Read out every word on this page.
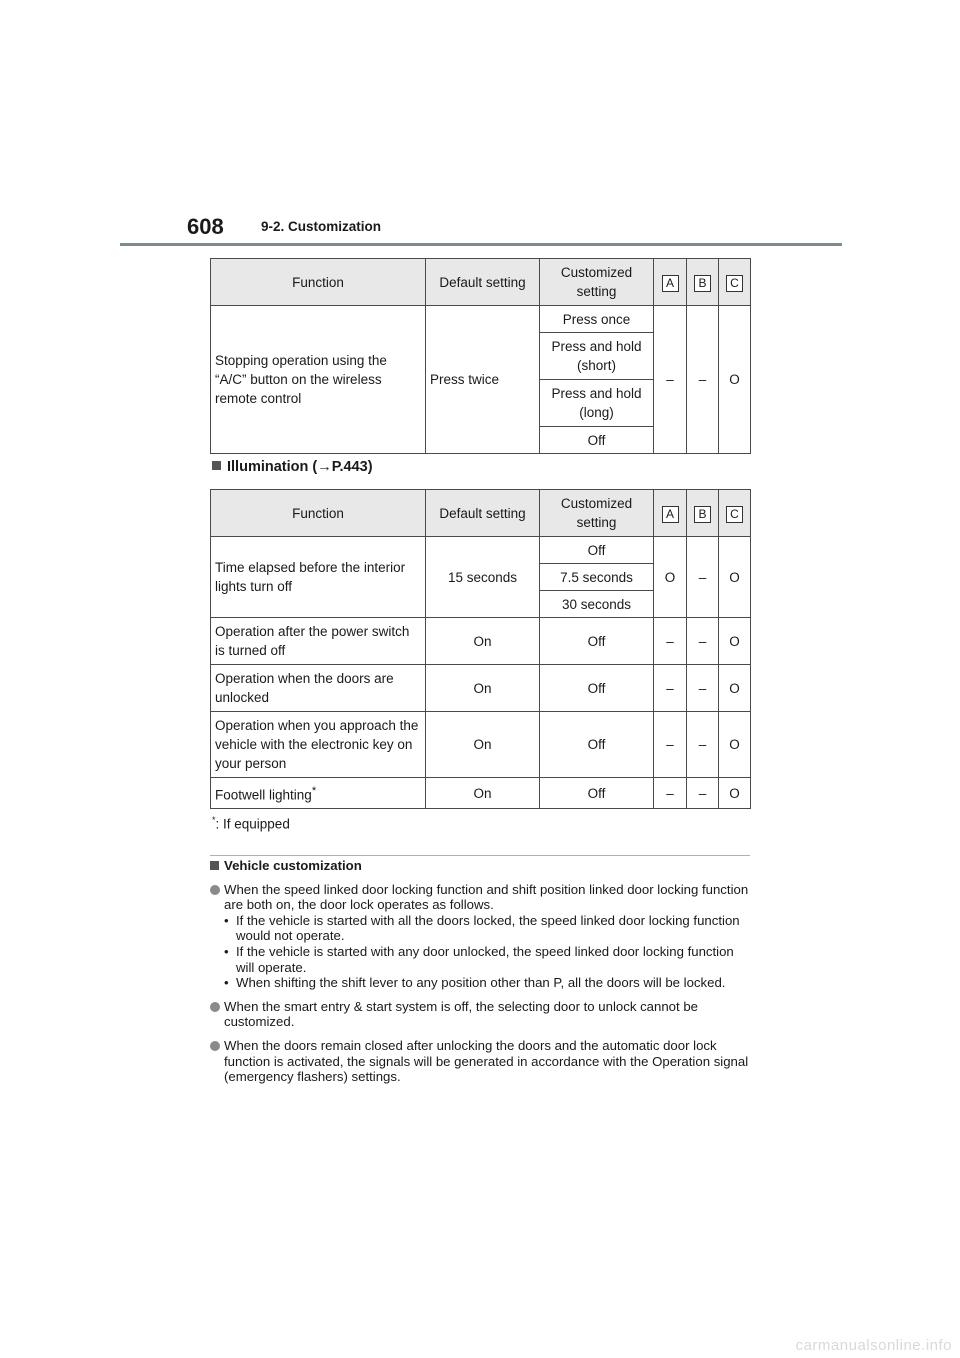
608	9-2. Customization
Function	Default setting	Customized setting	A	B	C
Stopping operation using the “A/C” button on the wireless remote control	Press twice	Press once	–	–	O
		Press and hold (short)			
		Press and hold (long)			
		Off			
Illumination (→P.443)
Function	Default setting	Customized setting	A	B	C
Time elapsed before the interior lights turn off	15 seconds	Off	O	–	O
		7.5 seconds			
		30 seconds			
Operation after the power switch is turned off	On	Off	–	–	O
Operation when the doors are unlocked	On	Off	–	–	O
Operation when you approach the vehicle with the electronic key on your person	On	Off	–	–	O
Footwell lighting*	On	Off	–	–	O
*: If equipped
Vehicle customization
When the speed linked door locking function and shift position linked door locking function are both on, the door lock operates as follows.
• If the vehicle is started with all the doors locked, the speed linked door locking function would not operate.
• If the vehicle is started with any door unlocked, the speed linked door locking function will operate.
• When shifting the shift lever to any position other than P, all the doors will be locked.
When the smart entry & start system is off, the selecting door to unlock cannot be customized.
When the doors remain closed after unlocking the doors and the automatic door lock function is activated, the signals will be generated in accordance with the Operation signal (emergency flashers) settings.
carmanualsonline.info
